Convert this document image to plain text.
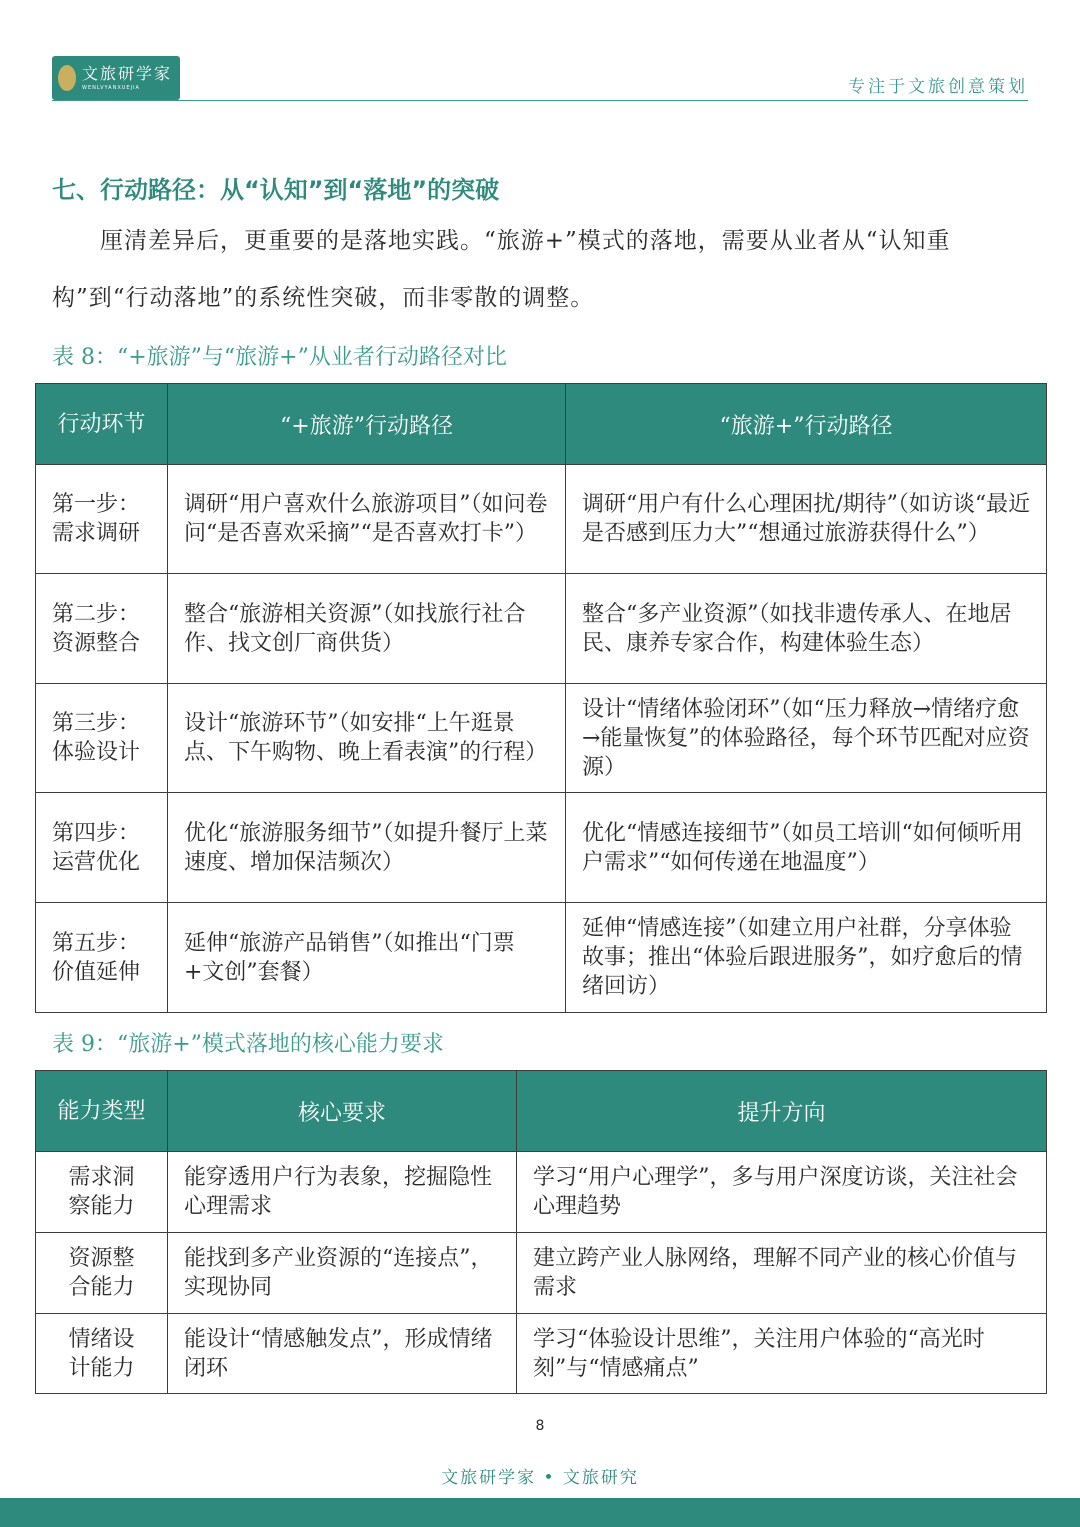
文旅研学家
WENLVYANXUEJIA	专注于文旅创意策划
七、行动路径：从“认知”到“落地”的突破
厘清差异后，更重要的是落地实践。“旅游+”模式的落地，需要从业者从“认知重构”到“行动落地”的系统性突破，而非零散的调整。
表 8：“+旅游”与“旅游+”从业者行动路径对比
行动环节	“+旅游”行动路径	“旅游+”行动路径
第一步：需求调研	调研“用户喜欢什么旅游项目”（如问卷问“是否喜欢采摘”“是否喜欢打卡”）	调研“用户有什么心理困扰/期待”（如访谈“最近是否感到压力大”“想通过旅游获得什么”）
第二步：资源整合	整合“旅游相关资源”（如找旅行社合作、找文创厂商供货）	整合“多产业资源”（如找非遗传承人、在地居民、康养专家合作，构建体验生态）
第三步：体验设计	设计“旅游环节”（如安排“上午逛景点、下午购物、晚上看表演”的行程）	设计“情绪体验闭环”（如“压力释放→情绪疗愈→能量恢复”的体验路径，每个环节匹配对应资源）
第四步：运营优化	优化“旅游服务细节”（如提升餐厅上菜速度、增加保洁频次）	优化“情感连接细节”（如员工培训“如何倾听用户需求”“如何传递在地温度”）
第五步：价值延伸	延伸“旅游产品销售”（如推出“门票+文创”套餐）	延伸“情感连接”（如建立用户社群，分享体验故事；推出“体验后跟进服务”，如疗愈后的情绪回访）
表 9：“旅游+”模式落地的核心能力要求
能力类型	核心要求	提升方向
需求洞察能力	能穿透用户行为表象，挖掘隐性心理需求	学习“用户心理学”，多与用户深度访谈，关注社会心理趋势
资源整合能力	能找到多产业资源的“连接点”，实现协同	建立跨产业人脉网络，理解不同产业的核心价值与需求
情绪设计能力	能设计“情感触发点”，形成情绪闭环	学习“体验设计思维”，关注用户体验的“高光时刻”与“情感痛点”
8
文旅研学家 • 文旅研究
